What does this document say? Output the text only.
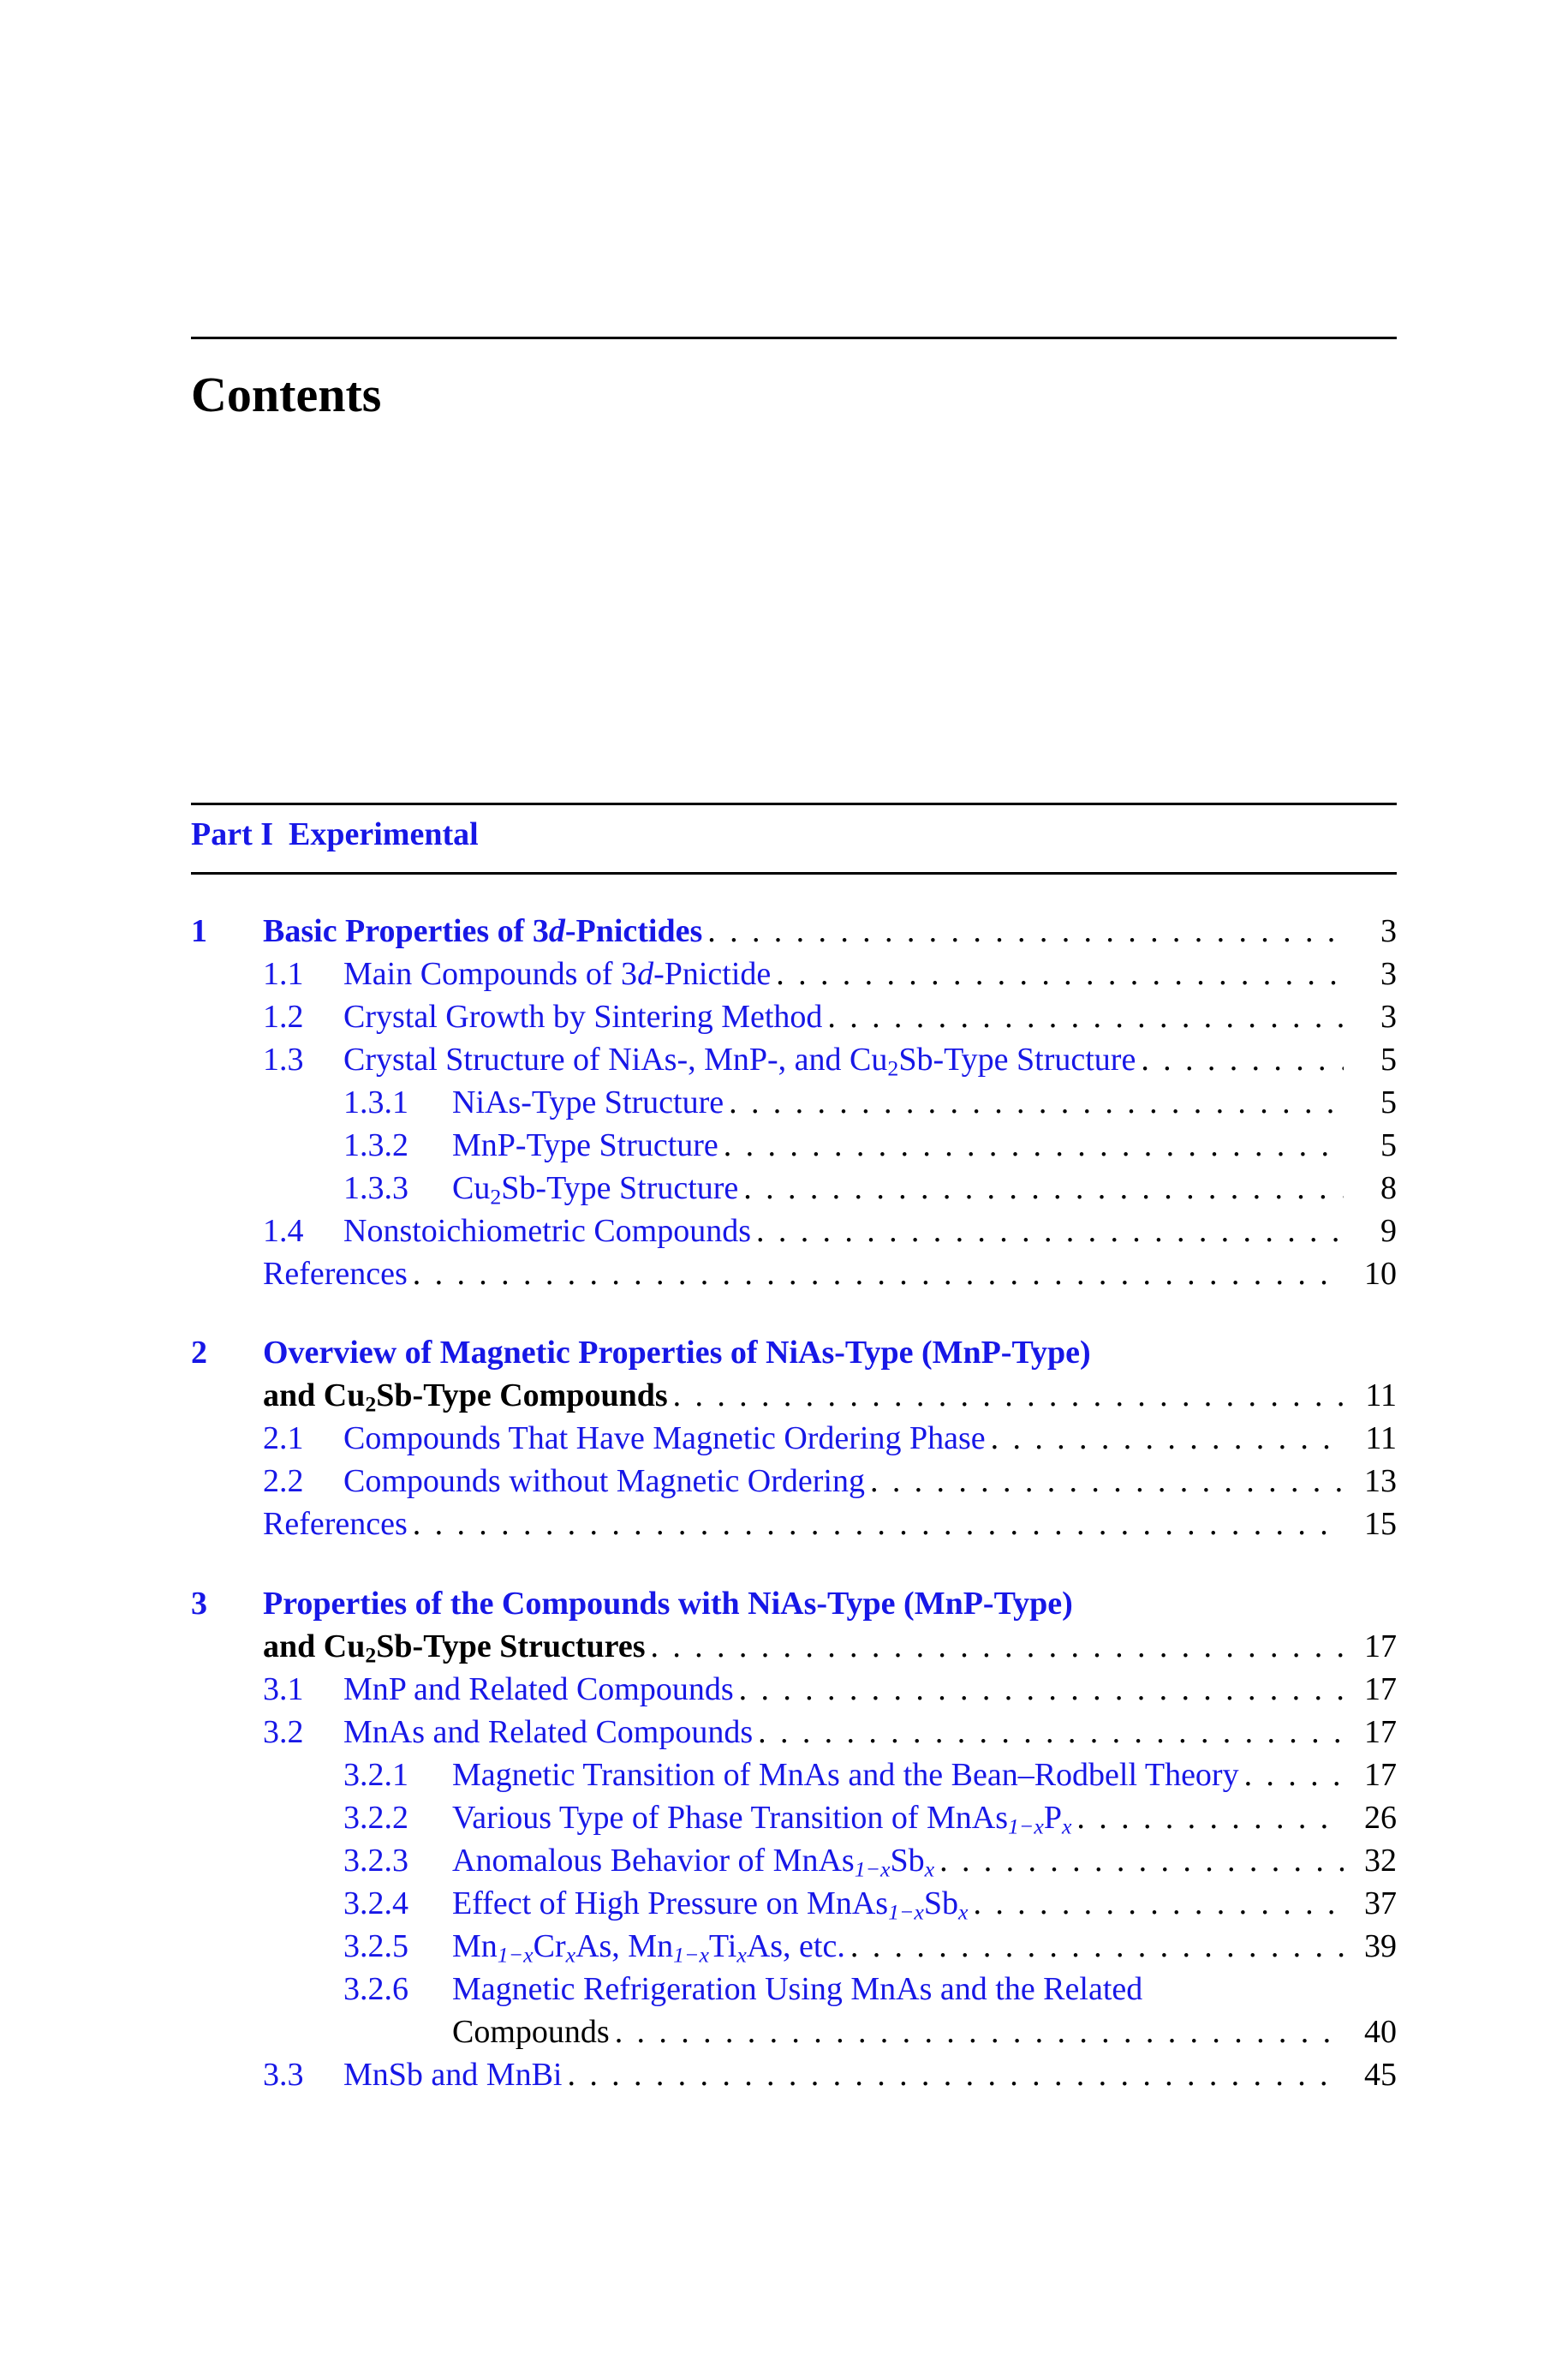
Contents
Part I Experimental
1 Basic Properties of 3d-Pnictides . . .	3
1.1 Main Compounds of 3d-Pnictide . . .	3
1.2 Crystal Growth by Sintering Method . . .	3
1.3 Crystal Structure of NiAs-, MnP-, and $Cu_2Sb$-Type Structure . . .	5
1.3.1 NiAs-Type Structure . . .	5
1.3.2 MnP-Type Structure . . .	5
1.3.3 $Cu_2Sb$-Type Structure . . .	8
1.4 Nonstoichiometric Compounds . . .	9
References . . .	10
2 Overview of Magnetic Properties of NiAs-Type (MnP-Type)
and $Cu_2Sb$-Type Compounds . . .	11
2.1 Compounds That Have Magnetic Ordering Phase . . .	11
2.2 Compounds without Magnetic Ordering . . .	13
References . . .	15
3 Properties of the Compounds with NiAs-Type (MnP-Type)
and $Cu_2Sb$-Type Structures . . .	17
3.1 MnP and Related Compounds . . .	17
3.2 MnAs and Related Compounds . . .	17
3.2.1 Magnetic Transition of MnAs and the Bean–Rodbell Theory . . .	17
3.2.2 Various Type of Phase Transition of $MnAs_{1-x}P_x$ . . .	26
3.2.3 Anomalous Behavior of $MnAs_{1-x}Sb_x$ . . .	32
3.2.4 Effect of High Pressure on $MnAs_{1-x}Sb_x$ . . .	37
3.2.5 $Mn_{1-x}Cr_xAs$, $Mn_{1-x}Ti_xAs$, etc. . . .	39
3.2.6 Magnetic Refrigeration Using MnAs and the Related
Compounds . . .	40
3.3 MnSb and MnBi . . .	45
